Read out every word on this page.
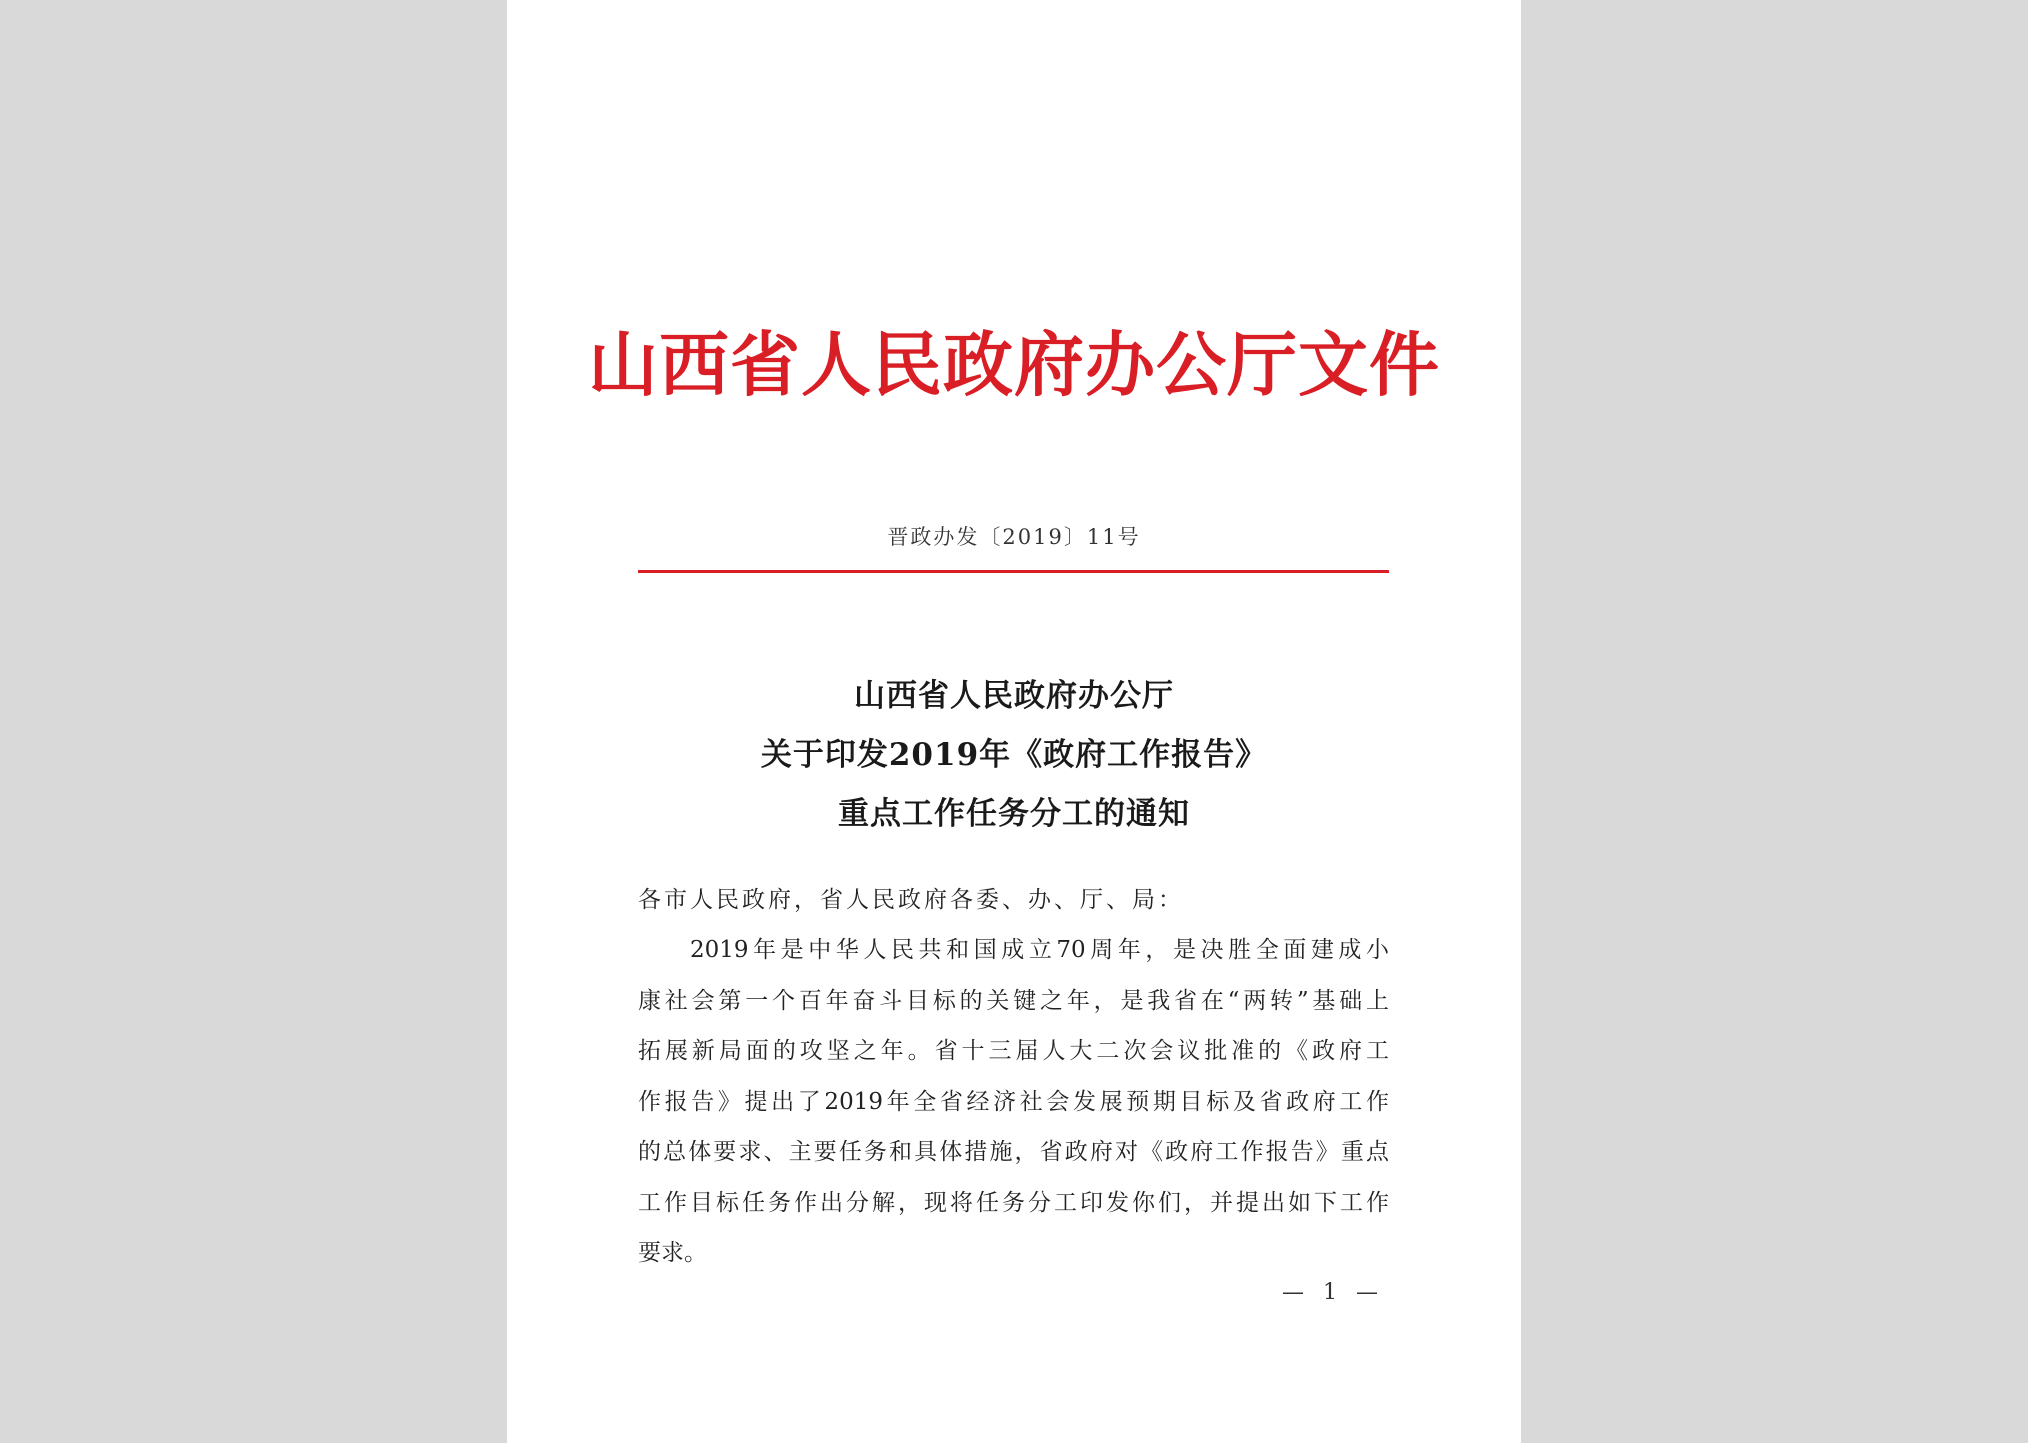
山西省人民政府办公厅文件
晋政办发〔2019〕11号
山西省人民政府办公厅
关于印发2019年《政府工作报告》
重点工作任务分工的通知
各市人民政府，省人民政府各委、办、厅、局：
2019年是中华人民共和国成立70周年，是决胜全面建成小
康社会第一个百年奋斗目标的关键之年，是我省在“两转”基础上
拓展新局面的攻坚之年。省十三届人大二次会议批准的《政府工
作报告》提出了2019年全省经济社会发展预期目标及省政府工作
的总体要求、主要任务和具体措施，省政府对《政府工作报告》重点
工作目标任务作出分解，现将任务分工印发你们，并提出如下工作
要求。
— 1 —
